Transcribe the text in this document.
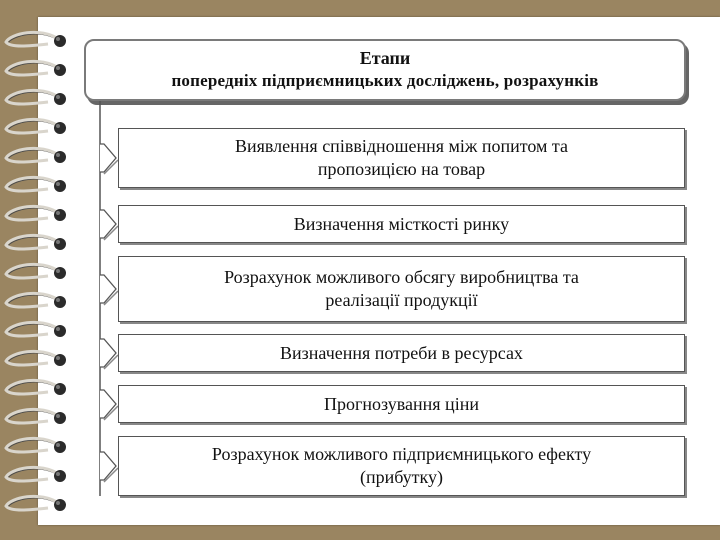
Етапи
попередніх підприємницьких досліджень, розрахунків
Виявлення співвідношення між попитом та
пропозицією на товар
Визначення місткості ринку
Розрахунок можливого обсягу виробництва та
реалізації продукції
Визначення потреби в ресурсах
Прогнозування ціни
Розрахунок можливого підприємницького ефекту
(прибутку)
